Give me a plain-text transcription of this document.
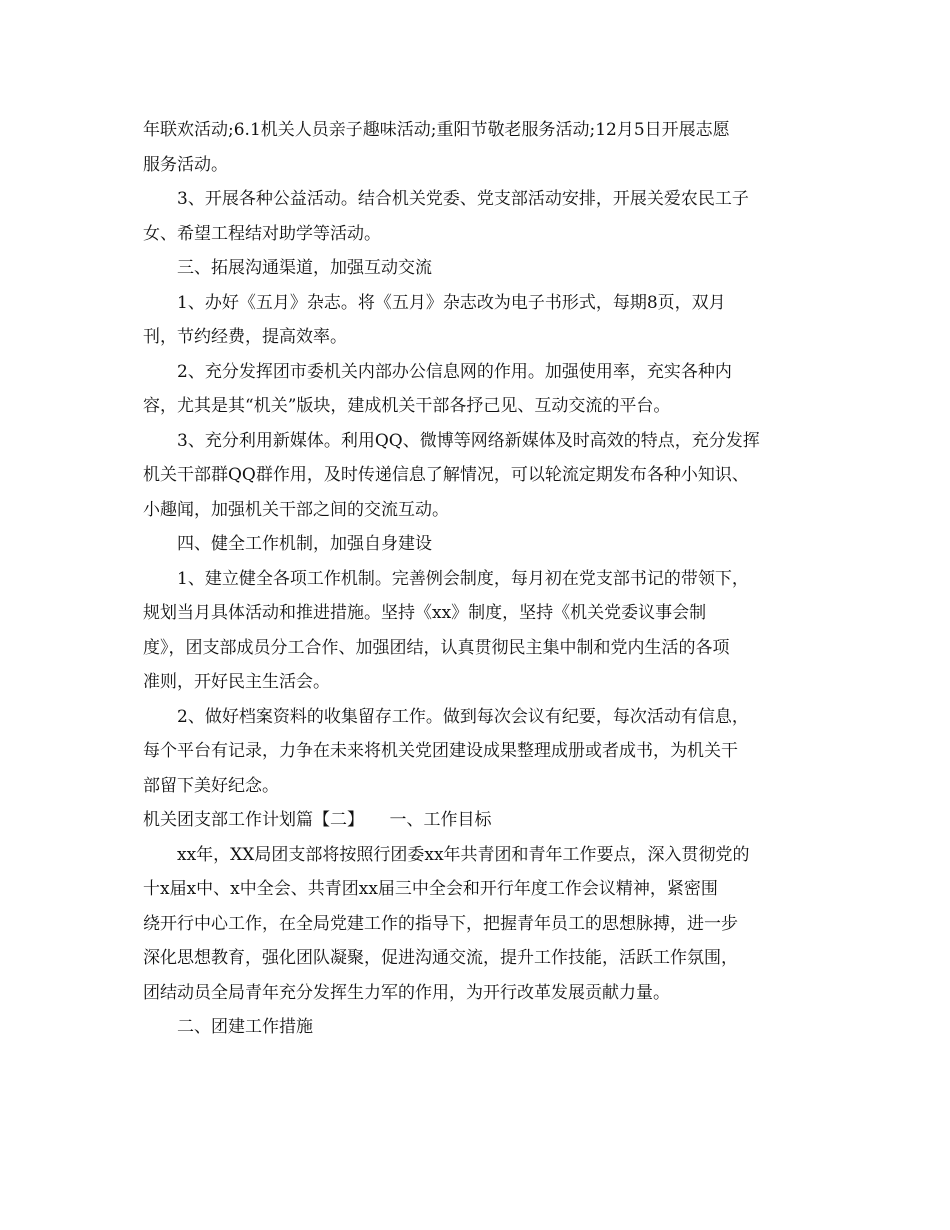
年联欢活动;6.1机关人员亲子趣味活动;重阳节敬老服务活动;12月5日开展志愿
服务活动。
3、开展各种公益活动。结合机关党委、党支部活动安排，开展关爱农民工子
女、希望工程结对助学等活动。
三、拓展沟通渠道，加强互动交流
1、办好《五月》杂志。将《五月》杂志改为电子书形式，每期8页，双月
刊，节约经费，提高效率。
2、充分发挥团市委机关内部办公信息网的作用。加强使用率，充实各种内
容，尤其是其“机关”版块，建成机关干部各抒己见、互动交流的平台。
3、充分利用新媒体。利用QQ、微博等网络新媒体及时高效的特点，充分发挥
机关干部群QQ群作用，及时传递信息了解情况，可以轮流定期发布各种小知识、
小趣闻，加强机关干部之间的交流互动。
四、健全工作机制，加强自身建设
1、建立健全各项工作机制。完善例会制度，每月初在党支部书记的带领下，
规划当月具体活动和推进措施。坚持《xx》制度，坚持《机关党委议事会制
度》，团支部成员分工合作、加强团结，认真贯彻民主集中制和党内生活的各项
准则，开好民主生活会。
2、做好档案资料的收集留存工作。做到每次会议有纪要，每次活动有信息，
每个平台有记录，力争在未来将机关党团建设成果整理成册或者成书，为机关干
部留下美好纪念。
机关团支部工作计划篇【二】　　一、工作目标
xx年，XX局团支部将按照行团委xx年共青团和青年工作要点，深入贯彻党的
十x届x中、x中全会、共青团xx届三中全会和开行年度工作会议精神，紧密围
绕开行中心工作，在全局党建工作的指导下，把握青年员工的思想脉搏，进一步
深化思想教育，强化团队凝聚，促进沟通交流，提升工作技能，活跃工作氛围，
团结动员全局青年充分发挥生力军的作用，为开行改革发展贡献力量。
二、团建工作措施
